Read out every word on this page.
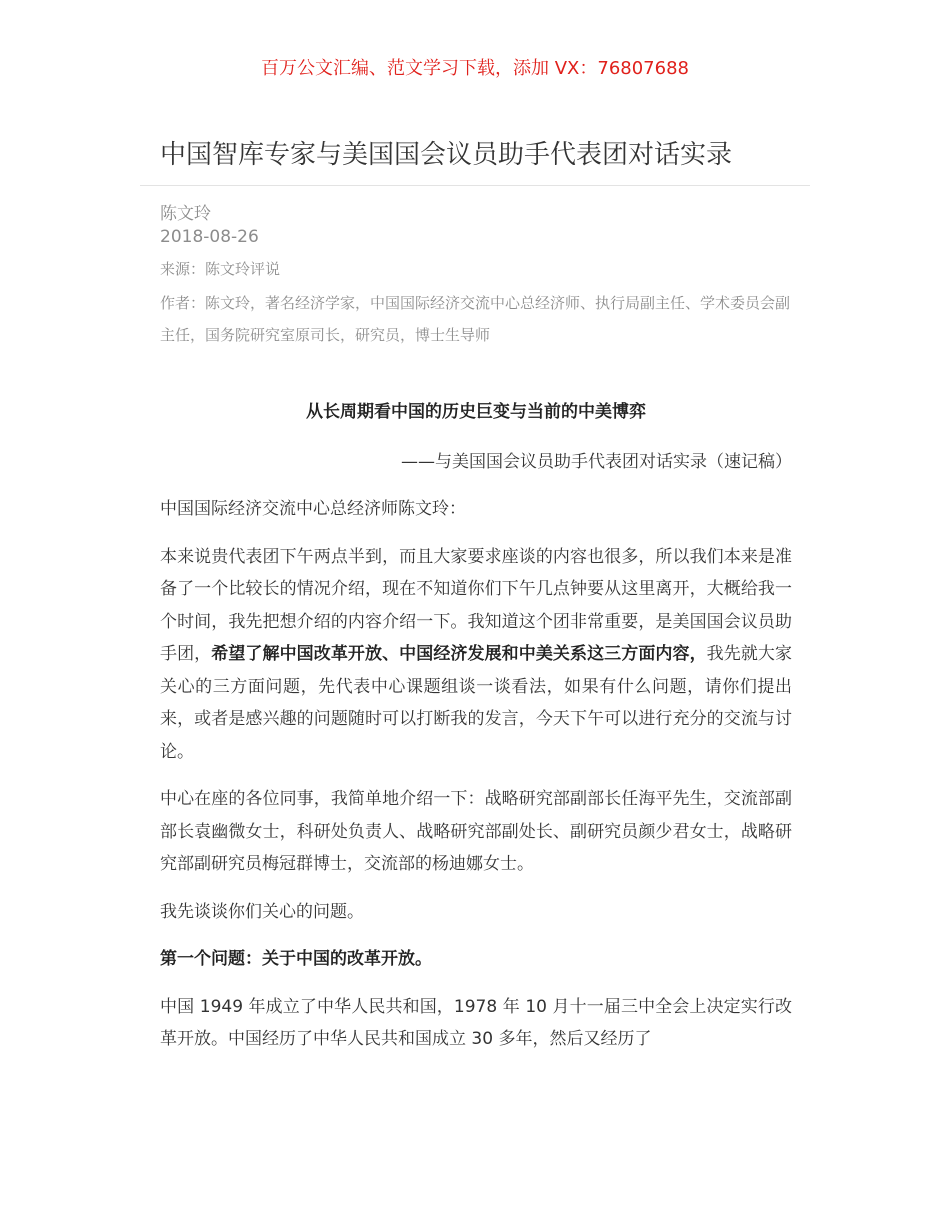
百万公文汇编、范文学习下载，添加 VX：76807688
中国智库专家与美国国会议员助手代表团对话实录
陈文玲
2018-08-26
来源：陈文玲评说
作者：陈文玲，著名经济学家，中国国际经济交流中心总经济师、执行局副主任、学术委员会副主任，国务院研究室原司长，研究员，博士生导师

从长周期看中国的历史巨变与当前的中美博弈

——与美国国会议员助手代表团对话实录（速记稿）

中国国际经济交流中心总经济师陈文玲：

本来说贵代表团下午两点半到，而且大家要求座谈的内容也很多，所以我们本来是准备了一个比较长的情况介绍，现在不知道你们下午几点钟要从这里离开，大概给我一个时间，我先把想介绍的内容介绍一下。我知道这个团非常重要，是美国国会议员助手团，希望了解中国改革开放、中国经济发展和中美关系这三方面内容，我先就大家关心的三方面问题，先代表中心课题组谈一谈看法，如果有什么问题，请你们提出来，或者是感兴趣的问题随时可以打断我的发言，今天下午可以进行充分的交流与讨论。

中心在座的各位同事，我简单地介绍一下：战略研究部副部长任海平先生，交流部副部长袁幽微女士，科研处负责人、战略研究部副处长、副研究员颜少君女士，战略研究部副研究员梅冠群博士，交流部的杨迪娜女士。

我先谈谈你们关心的问题。

第一个问题：关于中国的改革开放。

中国 1949 年成立了中华人民共和国，1978 年 10 月十一届三中全会上决定实行改革开放。中国经历了中华人民共和国成立 30 多年，然后又经历了
